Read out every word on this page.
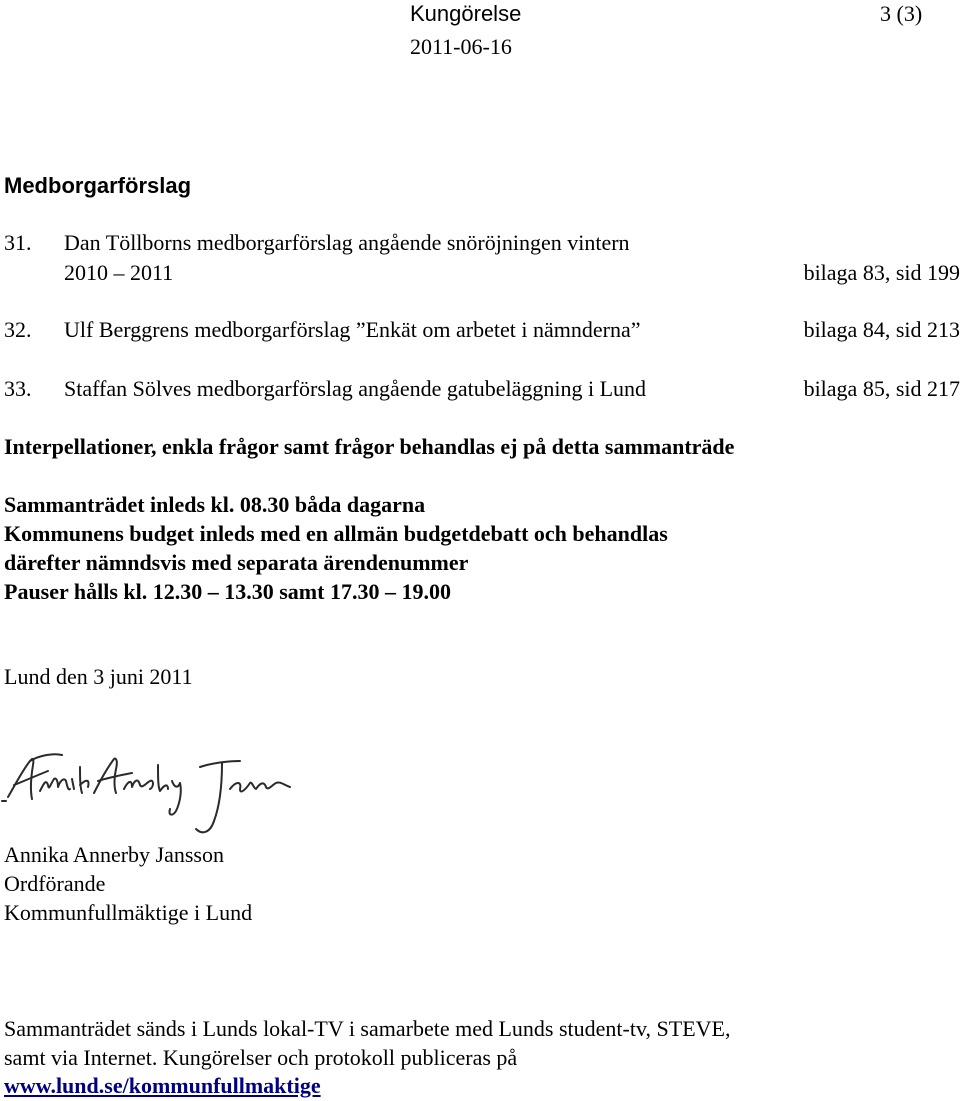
Kungörelse	3 (3)
2011-06-16
Medborgarförslag
31. Dan Töllborns medborgarförslag angående snöröjningen vintern
2010 – 2011	bilaga 83, sid 199
32. Ulf Berggrens medborgarförslag ”Enkät om arbetet i nämnderna”	bilaga 84, sid 213
33. Staffan Sölves medborgarförslag angående gatubeläggning i Lund	bilaga 85, sid 217
Interpellationer, enkla frågor samt frågor behandlas ej på detta sammanträde
Sammanträdet inleds kl. 08.30 båda dagarna
Kommunens budget inleds med en allmän budgetdebatt och behandlas
därefter nämndsvis med separata ärendenummer
Pauser hålls kl. 12.30 – 13.30 samt 17.30 – 19.00
Lund den 3 juni 2011
Annika Annerby Jansson
Ordförande
Kommunfullmäktige i Lund
Sammanträdet sänds i Lunds lokal-TV i samarbete med Lunds student-tv, STEVE,
samt via Internet. Kungörelser och protokoll publiceras på
www.lund.se/kommunfullmaktige
